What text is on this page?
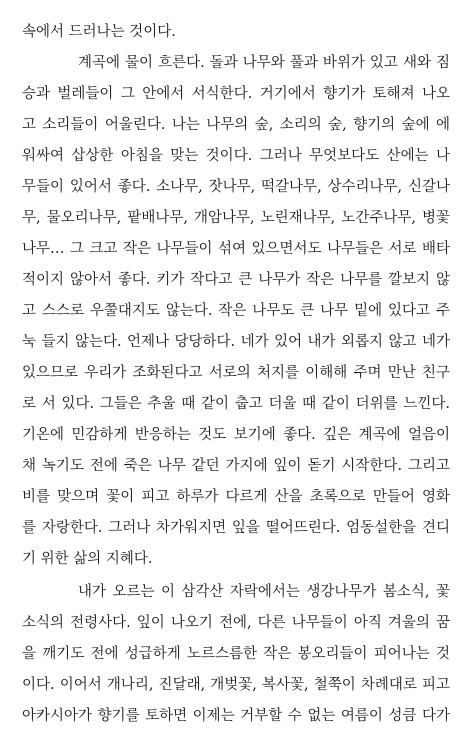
속에서 드러나는 것이다.
계곡에 물이 흐른다. 돌과 나무와 풀과 바위가 있고 새와 짐
승과 벌레들이 그 안에서 서식한다. 거기에서 향기가 토해져 나오
고 소리들이 어울린다. 나는 나무의 숲, 소리의 숲, 향기의 숲에 에
워싸여 삽상한 아침을 맞는 것이다. 그러나 무엇보다도 산에는 나
무들이 있어서 좋다. 소나무, 잣나무, 떡갈나무, 상수리나무, 신갈나
무, 물오리나무, 팥배나무, 개암나무, 노린재나무, 노간주나무, 병꽃
나무… 그 크고 작은 나무들이 섞여 있으면서도 나무들은 서로 배타
적이지 않아서 좋다. 키가 작다고 큰 나무가 작은 나무를 깔보지 않
고 스스로 우쭐대지도 않는다. 작은 나무도 큰 나무 밑에 있다고 주
눅 들지 않는다. 언제나 당당하다. 네가 있어 내가 외롭지 않고 네가
있으므로 우리가 조화된다고 서로의 처지를 이해해 주며 만난 친구
로 서 있다. 그들은 추울 때 같이 춥고 더울 때 같이 더위를 느낀다.
기온에 민감하게 반응하는 것도 보기에 좋다. 깊은 계곡에 얼음이
채 녹기도 전에 죽은 나무 같던 가지에 잎이 돋기 시작한다. 그리고
비를 맞으며 꽃이 피고 하루가 다르게 산을 초록으로 만들어 영화
를 자랑한다. 그러나 차가워지면 잎을 떨어뜨린다. 엄동설한을 견디
기 위한 삶의 지혜다.
내가 오르는 이 삼각산 자락에서는 생강나무가 봄소식, 꽃
소식의 전령사다. 잎이 나오기 전에, 다른 나무들이 아직 겨울의 꿈
을 깨기도 전에 성급하게 노르스름한 작은 봉오리들이 피어나는 것
이다. 이어서 개나리, 진달래, 개벚꽃, 복사꽃, 철쭉이 차례대로 피고
아카시아가 향기를 토하면 이제는 거부할 수 없는 여름이 성큼 다가
